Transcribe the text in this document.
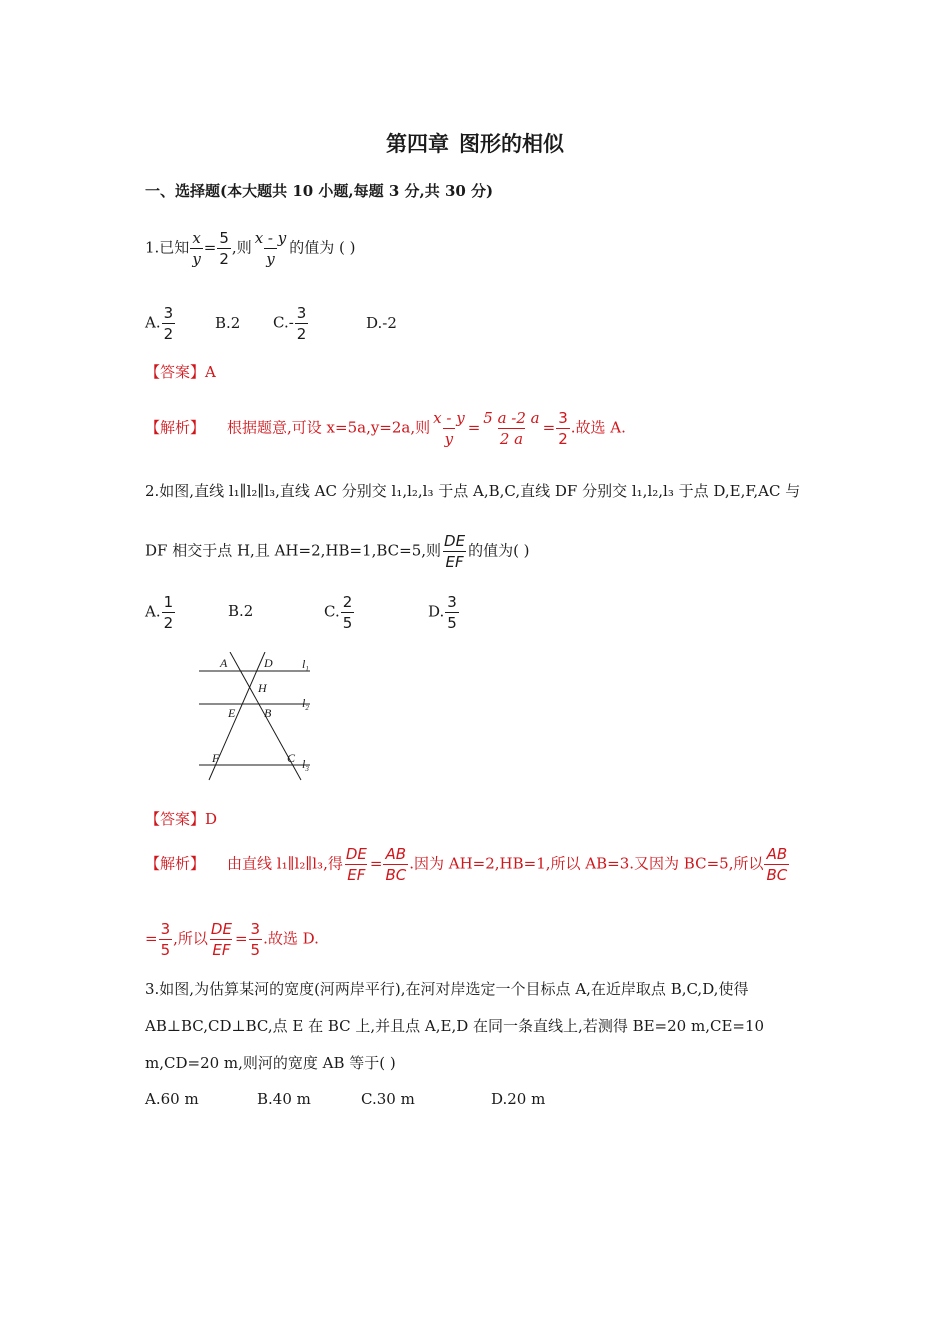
第四章 图形的相似
一、选择题(本大题共 10 小题,每题 3 分,共 30 分)
1.已知 $\frac{x}{y} = \frac{5}{2}$ ,则 $\frac{x - y}{y}$ 的值为 ( )
A. $\frac{3}{2}$	B.2 $C.- \frac{3}{2}$	D.-2
【答案】A
【解析】 根据题意,可设 x=5a,y=2a,则 $\frac{x - y}{y} = \frac{5 a -2 a}{2 a} = \frac{3}{2}$ .故选 A.
2.如图,直线 l₁∥l₂∥l₃,直线 AC 分别交 l₁,l₂,l₃ 于点 A,B,C,直线 DF 分别交 l₁,l₂,l₃ 于点 D,E,F,AC 与
DF 相交于点 H,且 AH=2,HB=1,BC=5,则 $\frac{DE}{EF}$ 的值为( )
A. $\frac{1}{2}$	B.2	C. $\frac{2}{5}$	D. $\frac{3}{5}$
A	D
H
E B
F	C
$l_1$
$l_2$
$l_3$
【答案】D
【解析】 由直线 l₁∥l₂∥l₃,得 $\frac{DE}{EF} = \frac{AB}{BC}$ .因为 AH=2,HB=1,所以 AB=3.又因为 BC=5,所以 $\frac{AB}{BC}$
= $\frac{3}{5}$ ,所以 $\frac{DE}{EF} = \frac{3}{5}$ .故选 D.
3.如图,为估算某河的宽度(河两岸平行),在河对岸选定一个目标点 A,在近岸取点 B,C,D,使得
AB⊥BC,CD⊥BC,点 E 在 BC 上,并且点 A,E,D 在同一条直线上,若测得 BE=20 m,CE=10
m,CD=20 m,则河的宽度 AB 等于( )
A.60 m	B.40 m	C.30 m	D.20 m
